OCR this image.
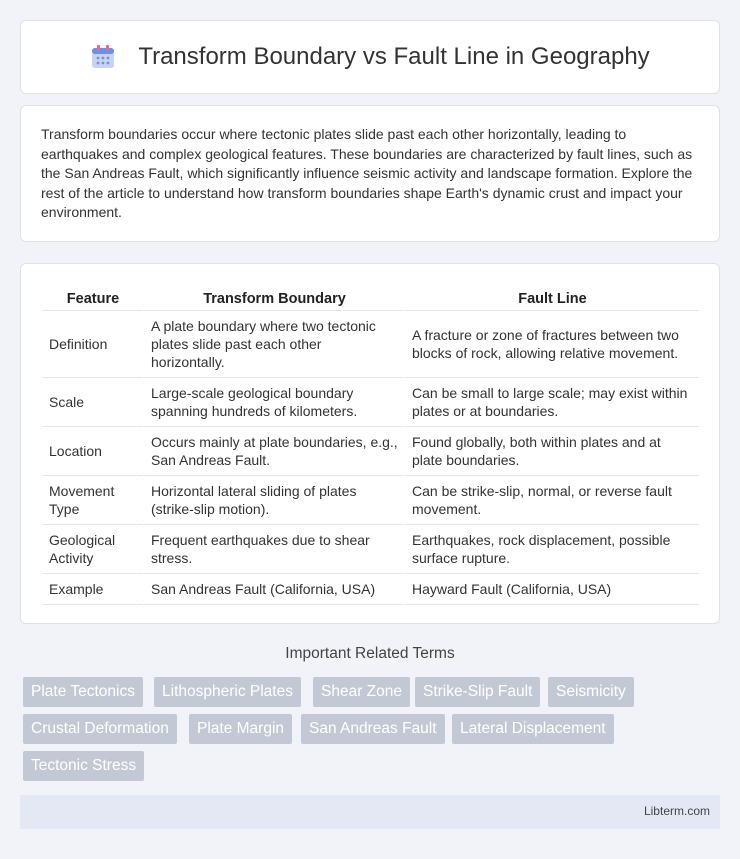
Transform Boundary vs Fault Line in Geography

Transform boundaries occur where tectonic plates slide past each other horizontally, leading to earthquakes and complex geological features. These boundaries are characterized by fault lines, such as the San Andreas Fault, which significantly influence seismic activity and landscape formation. Explore the rest of the article to understand how transform boundaries shape Earth's dynamic crust and impact your environment.

Feature	Transform Boundary	Fault Line
Definition	A plate boundary where two tectonic plates slide past each other horizontally.	A fracture or zone of fractures between two blocks of rock, allowing relative movement.
Scale	Large-scale geological boundary spanning hundreds of kilometers.	Can be small to large scale; may exist within plates or at boundaries.
Location	Occurs mainly at plate boundaries, e.g., San Andreas Fault.	Found globally, both within plates and at plate boundaries.
Movement Type	Horizontal lateral sliding of plates (strike-slip motion).	Can be strike-slip, normal, or reverse fault movement.
Geological Activity	Frequent earthquakes due to shear stress.	Earthquakes, rock displacement, possible surface rupture.
Example	San Andreas Fault (California, USA)	Hayward Fault (California, USA)
Important Related Terms
Plate Tectonics	Lithospheric Plates	Shear Zone	Strike-Slip Fault	Seismicity
Crustal Deformation	Plate Margin	San Andreas Fault	Lateral Displacement
Tectonic Stress
Libterm.com
